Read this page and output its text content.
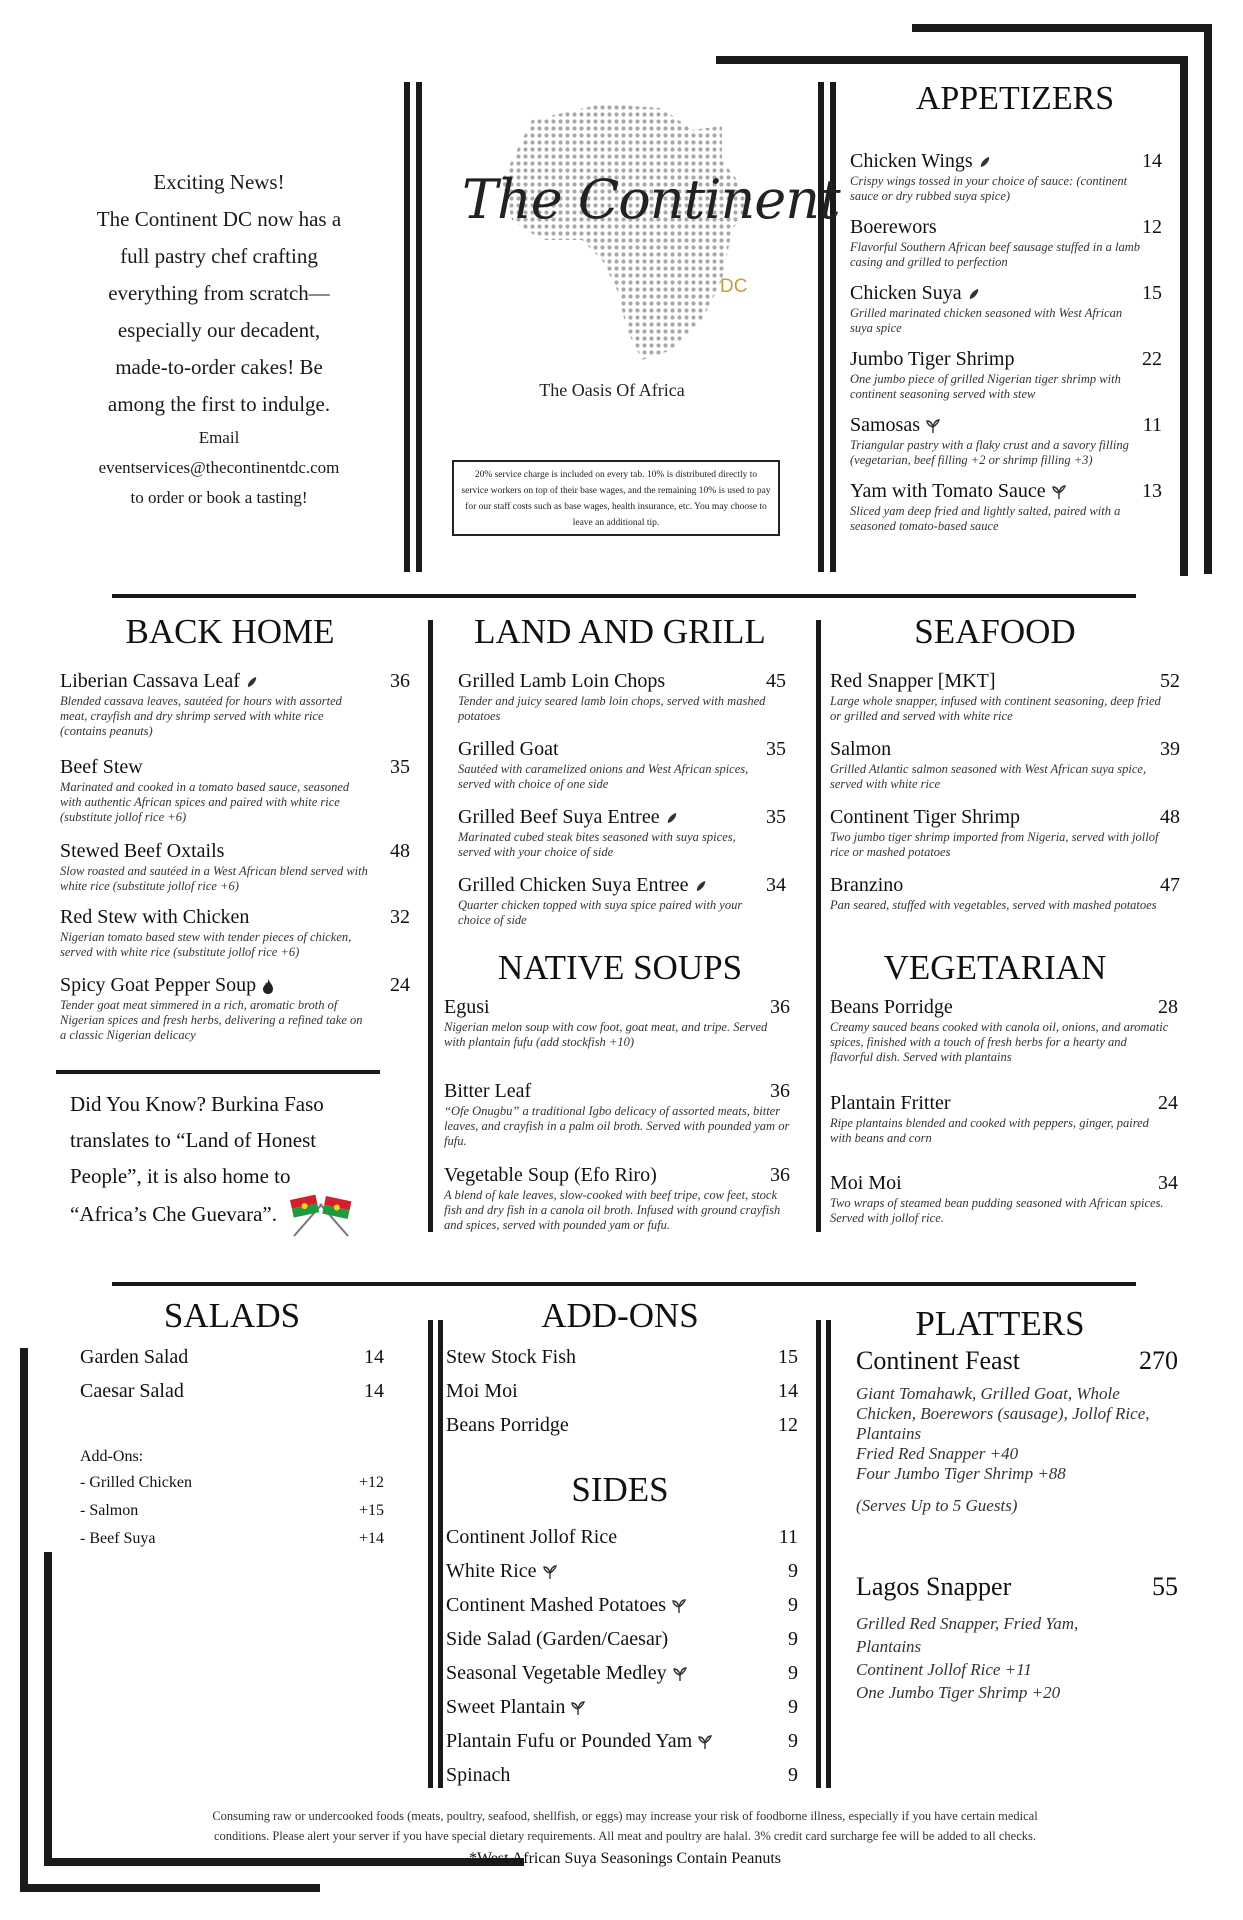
Exciting News!
The Continent DC now has a
full pastry chef crafting
everything from scratch—
especially our decadent,
made-to-order cakes! Be
among the first to indulge.
Email
eventservices@thecontinentdc.com
to order or book a tasting!
The Continent
DC
The Oasis Of Africa
20% service charge is included on every tab. 10% is distributed directly to service workers on top of their base wages, and the remaining 10% is used to pay for our staff costs such as base wages, health insurance, etc. You may choose to leave an additional tip.
APPETIZERS
Chicken Wings	14
Crispy wings tossed in your choice of sauce: (continent sauce or dry rubbed suya spice)
Boerewors	12
Flavorful Southern African beef sausage stuffed in a lamb casing and grilled to perfection
Chicken Suya	15
Grilled marinated chicken seasoned with West African suya spice
Jumbo Tiger Shrimp	22
One jumbo piece of grilled Nigerian tiger shrimp with continent seasoning served with stew
Samosas	11
Triangular pastry with a flaky crust and a savory filling (vegetarian, beef filling +2 or shrimp filling +3)
Yam with Tomato Sauce	13
Sliced yam deep fried and lightly salted, paired with a seasoned tomato-based sauce
BACK HOME
Liberian Cassava Leaf	36
Blended cassava leaves, sautéed for hours with assorted meat, crayfish and dry shrimp served with white rice (contains peanuts)
Beef Stew	35
Marinated and cooked in a tomato based sauce, seasoned with authentic African spices and paired with white rice (substitute jollof rice +6)
Stewed Beef Oxtails	48
Slow roasted and sautéed in a West African blend served with white rice (substitute jollof rice +6)
Red Stew with Chicken	32
Nigerian tomato based stew with tender pieces of chicken, served with white rice (substitute jollof rice +6)
Spicy Goat Pepper Soup	24
Tender goat meat simmered in a rich, aromatic broth of Nigerian spices and fresh herbs, delivering a refined take on a classic Nigerian delicacy
Did You Know? Burkina Faso
translates to “Land of Honest
People”, it is also home to
“Africa’s Che Guevara”.
LAND AND GRILL
Grilled Lamb Loin Chops	45
Tender and juicy seared lamb loin chops, served with mashed potatoes
Grilled Goat	35
Sautéed with caramelized onions and West African spices, served with choice of one side
Grilled Beef Suya Entree	35
Marinated cubed steak bites seasoned with suya spices, served with your choice of side
Grilled Chicken Suya Entree	34
Quarter chicken topped with suya spice paired with your choice of side
NATIVE SOUPS
Egusi	36
Nigerian melon soup with cow foot, goat meat, and tripe. Served with plantain fufu (add stockfish +10)
Bitter Leaf	36
“Ofe Onugbu” a traditional Igbo delicacy of assorted meats, bitter leaves, and crayfish in a palm oil broth. Served with pounded yam or fufu.
Vegetable Soup (Efo Riro)	36
A blend of kale leaves, slow-cooked with beef tripe, cow feet, stock fish and dry fish in a canola oil broth. Infused with ground crayfish and spices, served with pounded yam or fufu.
SEAFOOD
Red Snapper [MKT]	52
Large whole snapper, infused with continent seasoning, deep fried or grilled and served with white rice
Salmon	39
Grilled Atlantic salmon seasoned with West African suya spice, served with white rice
Continent Tiger Shrimp	48
Two jumbo tiger shrimp imported from Nigeria, served with jollof rice or mashed potatoes
Branzino	47
Pan seared, stuffed with vegetables, served with mashed potatoes
VEGETARIAN
Beans Porridge	28
Creamy sauced beans cooked with canola oil, onions, and aromatic spices, finished with a touch of fresh herbs for a hearty and flavorful dish. Served with plantains
Plantain Fritter	24
Ripe plantains blended and cooked with peppers, ginger, paired with beans and corn
Moi Moi	34
Two wraps of steamed bean pudding seasoned with African spices. Served with jollof rice.
SALADS
Garden Salad	14
Caesar Salad	14
Add-Ons:
- Grilled Chicken	+12
- Salmon	+15
- Beef Suya	+14
ADD-ONS
Stew Stock Fish	15
Moi Moi	14
Beans Porridge	12
SIDES
Continent Jollof Rice	11
White Rice	9
Continent Mashed Potatoes	9
Side Salad (Garden/Caesar)	9
Seasonal Vegetable Medley	9
Sweet Plantain	9
Plantain Fufu or Pounded Yam	9
Spinach	9
PLATTERS
Continent Feast	270
Giant Tomahawk, Grilled Goat, Whole
Chicken, Boerewors (sausage), Jollof Rice,
Plantains
Fried Red Snapper +40
Four Jumbo Tiger Shrimp +88
(Serves Up to 5 Guests)
Lagos Snapper	55
Grilled Red Snapper, Fried Yam,
Plantains
Continent Jollof Rice +11
One Jumbo Tiger Shrimp +20
Consuming raw or undercooked foods (meats, poultry, seafood, shellfish, or eggs) may increase your risk of foodborne illness, especially if you have certain medical
conditions. Please alert your server if you have special dietary requirements. All meat and poultry are halal. 3% credit card surcharge fee will be added to all checks.
*West African Suya Seasonings Contain Peanuts
